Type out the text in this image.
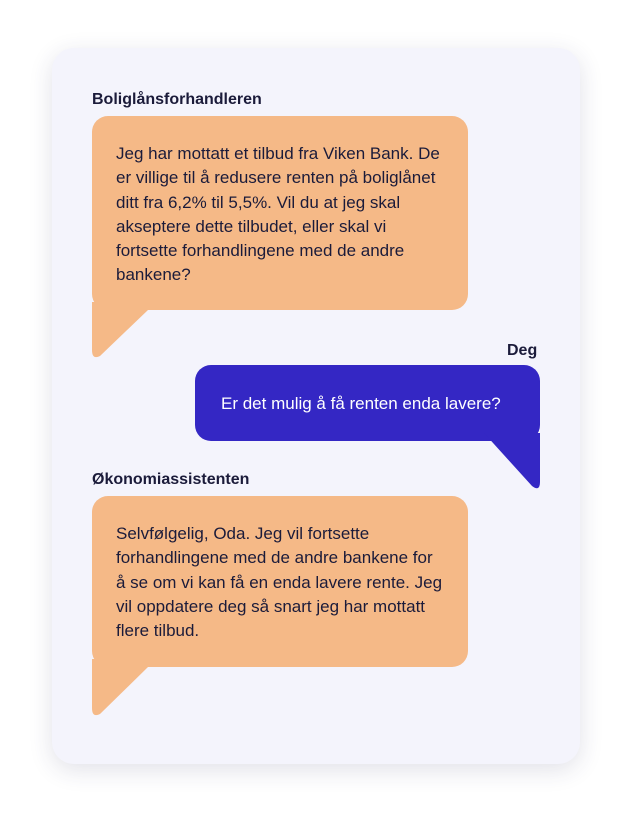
Boliglånsforhandleren
Jeg har mottatt et tilbud fra Viken Bank. De er villige til å redusere renten på boliglånet ditt fra 6,2% til 5,5%. Vil du at jeg skal akseptere dette tilbudet, eller skal vi fortsette forhandlingene med de andre bankene?
Deg
Er det mulig å få renten enda lavere?
Økonomiassistenten
Selvfølgelig, Oda. Jeg vil fortsette forhandlingene med de andre bankene for å se om vi kan få en enda lavere rente. Jeg vil oppdatere deg så snart jeg har mottatt flere tilbud.
